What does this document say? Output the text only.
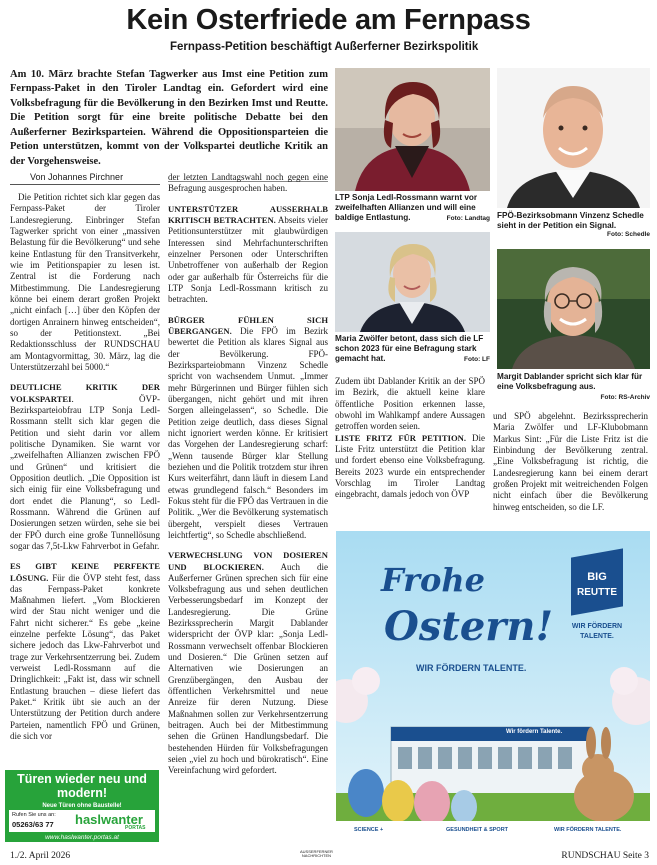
Kein Osterfriede am Fernpass
Fernpass-Petition beschäftigt Außerferner Bezirkspolitik
Am 10. März brachte Stefan Tagwerker aus Imst eine Petition zum Fernpass-Paket in den Tiroler Landtag ein. Gefordert wird eine Volksbefragung für die Bevölkerung in den Bezirken Imst und Reutte. Die Petition sorgt für eine breite politische Debatte bei den Außerferner Bezirksparteien. Während die Oppositionsparteien die Petion unterstützen, kommt von der Volkspartei deutliche Kritik an der Vorgehensweise.
Von Johannes Pirchner

Die Petition richtet sich klar gegen das Fernpass-Paket der Tiroler Landesregierung. Einbringer Stefan Tagwerker spricht von einer „massiven Belastung für die Bevölkerung“ und sehe keine Entlastung für den Transitverkehr, wie im Petitionspapier zu lesen ist. Zentral ist die Forderung nach Mitbestimmung. Die Landesregierung könne bei einem derart großen Projekt „nicht einfach […] über den Köpfen der dortigen Anrainern hinweg entscheiden“, so der Petitionstext. „Bei Redaktionsschluss der RUNDSCHAU am Montagvormittag, 30. März, lag die Unterstützerzahl bei 5000.“

DEUTLICHE KRITIK DER VOLKSPARTEI. ÖVP-Bezirksparteiobfrau LTP Sonja Ledl-Rossmann stellt sich klar gegen die Petition und sieht darin vor allem politische Dynamiken. Sie warnt vor „zweifelhaften Allianzen zwischen FPÖ und Grünen“ und kritisiert die Opposition deutlich. „Die Opposition ist sich einig für eine Volksbefragung und dort endet die Planung“, so Ledl-Rossmann. Während die Grünen auf Dosierungen setzen würden, sehe sie bei der FPÖ durch eine große Tunnellösung sogar das 7,5t-Lkw Fahrverbot in Gefahr.

ES GIBT KEINE PERFEKTE LÖSUNG. Für die ÖVP steht fest, dass das Fernpass-Paket konkrete Maßnahmen liefert. „Vom Blockieren wird der Stau nicht weniger und die Fahrt nicht sicherer.“ Es gebe „keine einzelne perfekte Lösung“, das Paket sichere jedoch das Lkw-Fahrverbot und trage zur Verkehrsentzerrung bei. Zudem verweist Ledl-Rossmann auf die Dringlichkeit: „Fakt ist, dass wir schnell Entlastung brauchen – diese liefert das Paket.“ Kritik übt sie auch an der Unterstützung der Petition durch andere Parteien, namentlich FPÖ und Grünen, die sich vor

der letzten Landtagswahl noch gegen eine Befragung ausgesprochen haben.

UNTERSTÜTZER AUSSERHALB KRITISCH BETRACHTEN. Abseits vieler Petitionsunterstützer mit glaubwürdigen Interessen sind Mehrfachunterschriften einzelner Personen oder Unterschriften Unbetroffener von außerhalb der Region oder gar außerhalb für Österreichs für die LTP Sonja Ledl-Rossmann kritisch zu betrachten.

BÜRGER FÜHLEN SICH ÜBERGANGEN. Die FPÖ im Bezirk bewertet die Petition als klares Signal aus der Bevölkerung. FPÖ-Bezirksparteiobmann Vinzenz Schedle spricht von wachsendem Unmut. „Immer mehr Bürgerinnen und Bürger fühlen sich übergangen, nicht gehört und mit ihren Sorgen alleingelassen“, so Schedle. Die Petition zeige deutlich, dass dieses Signal nicht ignoriert werden könne. Er kritisiert das Vorgehen der Landesregierung scharf: „Wenn tausende Bürger klar Stellung beziehen und die Politik trotzdem stur ihren Kurs weiterfährt, dann läuft in diesem Land etwas grundlegend falsch.“ Besonders im Fokus steht für die FPÖ das Vertrauen in die Politik. „Wer die Bevölkerung systematisch übergeht, verspielt dieses Vertrauen leichtfertig“, so Schedle abschließend.

VERWECHSLUNG VON DOSIEREN UND BLOCKIEREN. Auch die Außerferner Grünen sprechen sich für eine Volksbefragung aus und sehen deutlichen Verbesserungsbedarf im Konzept der Landesregierung. Die Grüne Bezirkssprecherin Margit Dablander widerspricht der ÖVP klar: „Sonja Ledl-Rossmann verwechselt offenbar Blockieren und Dosieren.“ Die Grünen setzen auf Alternativen wie Dosierungen an Grenzübergängen, den Ausbau der öffentlichen Verkehrsmittel und neue Anreize für deren Nutzung. Diese Maßnahmen sollen zur Verkehrsentzerrung beitragen. Auch bei der Mitbestimmung sehen die Grünen Handlungsbedarf. Die bestehenden Hürden für Volksbefragungen seien „viel zu hoch und bürokratisch“. Eine Vereinfachung wird gefordert.

Zudem übt Dablander Kritik an der SPÖ im Bezirk, die aktuell keine klare öffentliche Position erkennen lasse, obwohl im Wahlkampf andere Aussagen getroffen worden seien.

LISTE FRITZ FÜR PETITION. Die Liste Fritz unterstützt die Petition klar und fordert ebenso eine Volksbefragung. Bereits 2023 wurde ein entsprechender Vorschlag im Tiroler Landtag eingebracht, damals jedoch von ÖVP

und SPÖ abgelehnt. Bezirkssprecherin Maria Zwölfer und LF-Klubobmann Markus Sint: „Für die Liste Fritz ist die Einbindung der Bevölkerung zentral. „Eine Volksbefragung ist richtig, die Landesregierung kann bei einem derart großen Projekt mit weitreichenden Folgen nicht einfach über die Bevölkerung hinweg entscheiden, so die LF.

LTP Sonja Ledl-Rossmann warnt vor zweifelhaften Allianzen und will eine baldige Entlastung.	Foto: Landtag FPÖ-Bezirksobmann Vinzenz Schedle sieht in der Petition ein Signal.
Foto: Schedle
Maria Zwölfer betont, dass sich die LF schon 2023 für eine Befragung stark gemacht hat.	Foto: LF
Margit Dablander spricht sich klar für eine Volksbefragung aus.
Foto: RS-Archiv
Türen wieder neu und modern!
Neue Türen ohne Baustelle!
Rufen Sie uns an:
05263/63 77 haslwanter
PORTAS
www.haslwanter.portas.at
Frohe
Ostern!
WIR FÖRDERN TALENTE.
BIG
REUTTE
WIR FÖRDERN
TALENTE.
Wir fördern Talente.
SCIENCE +	GESUNDHEIT & SPORT	WIR FÖRDERN TALENTE.
1./2. April 2026	AUSSERFERNER
NACHRICHTEN	RUNDSCHAU Seite 3
